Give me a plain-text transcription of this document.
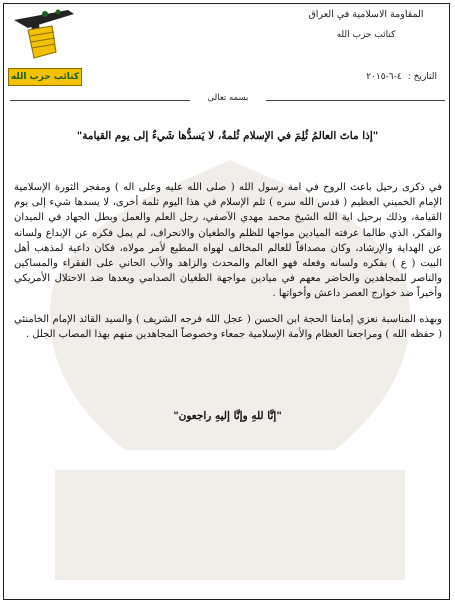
المقاومة الاسلامية في العراق
كتائب حزب الله
التاريخ :٤-٦-٢٠١٥
كتائب حزب الله
بسمه تعالى
"إذا ماتَ العالمُ ثُلِمَ في الإسلام ثُلمةٌ، لا يَسدُّها شَيءٌ إلى يوم القيامة"

في ذكرى رحيل باعث الروح في امة رسول الله ( صلى الله عليه وعلى اله ) ومفجر الثورة الإسلامية الإمام الخميني العظيم ( قدس الله سره ) ثلم الإسلام في هذا اليوم ثلمة أخرى، لا يسدها شيء إلى يوم القيامة، وذلك برحيل اية الله الشيخ محمد مهدي الآصفي، رجل العلم والعمل وبطل الجهاد في الميدان والفكر، الذي طالما عرفته الميادين مواجها للظلم والطغيان والانحراف، لم يمل فكره عن الإبداع ولسانه عن الهداية والإرشاد، وكان مصداقاً للعالم المخالف لهواه المطيع لأمر مولاه، فكان داعية لمذهب أهل البيت ( ع ) بفكره ولسانه وفعله فهو العالم والمحدث والزاهد والأب الحاني على الفقراء والمساكين والناصر للمجاهدين والحاضر معهم في ميادين مواجهة الطغيان الصدامي وبعدها ضد الاحتلال الأمريكي وأخيراً ضد خوارج العصر داعش وأخواتها .

وبهذه المناسبة نعزي إمامنا الحجة ابن الحسن ( عجل الله فرجه الشريف ) والسيد القائد الإمام الخامنئي ( حفظه الله ) ومراجعنا العظام والأمة الإسلامية جمعاء وخصوصاً المجاهدين منهم بهذا المصاب الجلل .

"إنَّا للهِ وإنَّا إليهِ راجعون"
